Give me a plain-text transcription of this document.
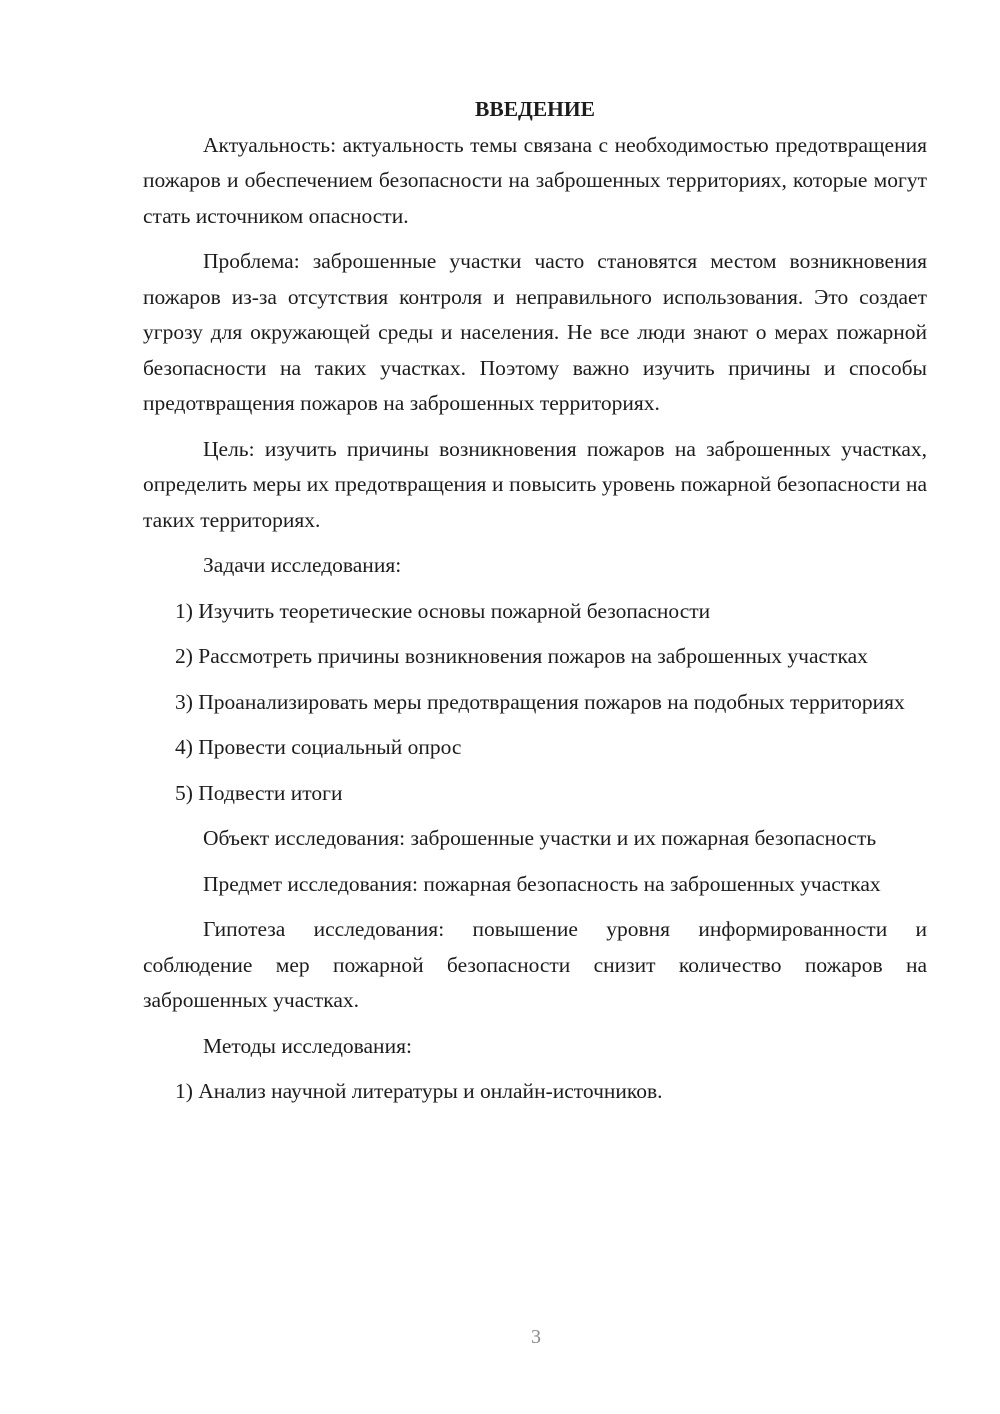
ВВЕДЕНИЕ

Актуальность: актуальность темы связана с необходимостью предотвращения пожаров и обеспечением безопасности на заброшенных территориях, которые могут стать источником опасности.

Проблема: заброшенные участки часто становятся местом возникновения пожаров из-за отсутствия контроля и неправильного использования. Это создает угрозу для окружающей среды и населения. Не все люди знают о мерах пожарной безопасности на таких участках. Поэтому важно изучить причины и способы предотвращения пожаров на заброшенных территориях.

Цель: изучить причины возникновения пожаров на заброшенных участках, определить меры их предотвращения и повысить уровень пожарной безопасности на таких территориях.

Задачи исследования:

1) Изучить теоретические основы пожарной безопасности

2) Рассмотреть причины возникновения пожаров на заброшенных участках

3) Проанализировать меры предотвращения пожаров на подобных территориях

4) Провести социальный опрос

5) Подвести итоги

Объект исследования: заброшенные участки и их пожарная безопасность

Предмет исследования: пожарная безопасность на заброшенных участках

Гипотеза исследования: повышение уровня информированности и соблюдение мер пожарной безопасности снизит количество пожаров на заброшенных участках.

Методы исследования:

1) Анализ научной литературы и онлайн-источников.

3
